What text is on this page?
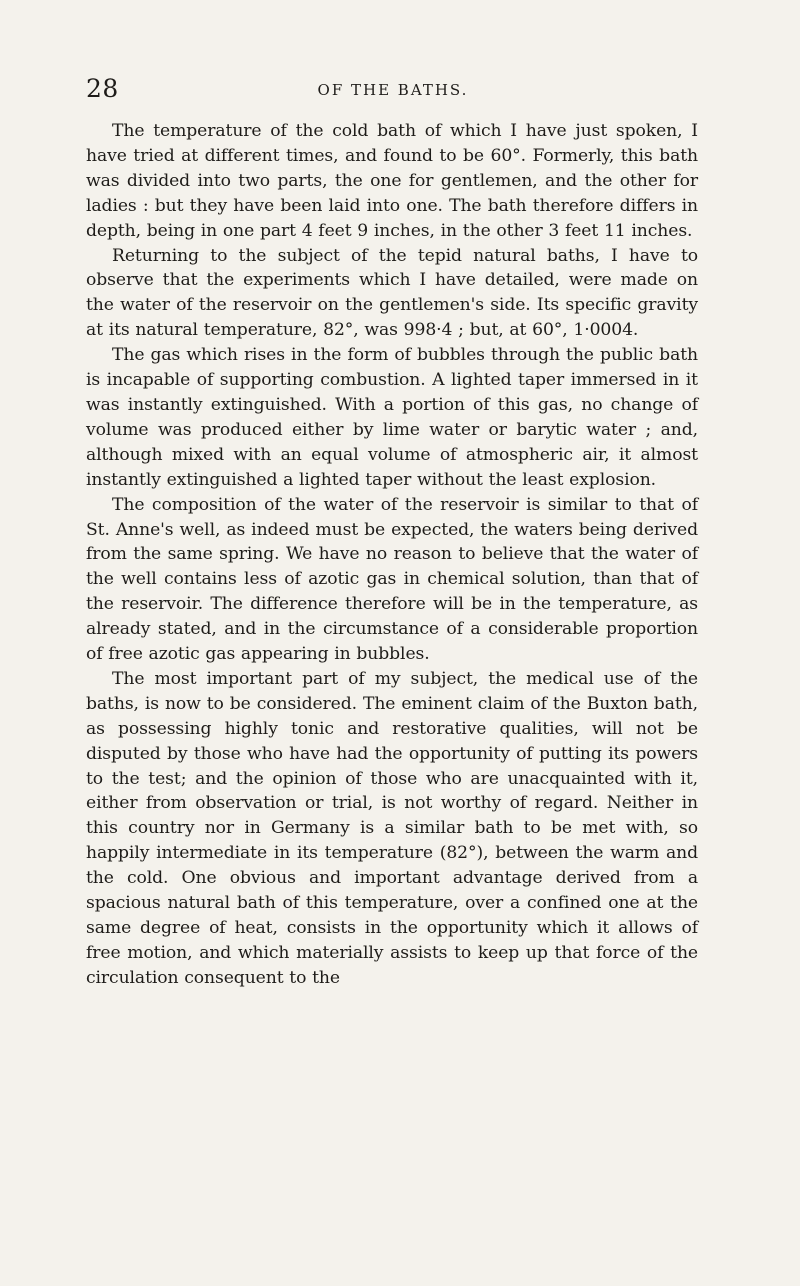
28	OF THE BATHS.

The temperature of the cold bath of which I have just spoken, I have tried at different times, and found to be 60°. Formerly, this bath was divided into two parts, the one for gentlemen, and the other for ladies : but they have been laid into one. The bath therefore differs in depth, being in one part 4 feet 9 inches, in the other 3 feet 11 inches.

Returning to the subject of the tepid natural baths, I have to observe that the experiments which I have detailed, were made on the water of the reservoir on the gentlemen's side. Its specific gravity at its natural temperature, 82°, was 998·4 ; but, at 60°, 1·0004.

The gas which rises in the form of bubbles through the public bath is incapable of supporting combustion. A lighted taper immersed in it was instantly extinguished. With a portion of this gas, no change of volume was produced either by lime water or barytic water ; and, although mixed with an equal volume of atmospheric air, it almost instantly extinguished a lighted taper without the least explosion.

The composition of the water of the reservoir is similar to that of St. Anne's well, as indeed must be expected, the waters being derived from the same spring. We have no reason to believe that the water of the well contains less of azotic gas in chemical solution, than that of the reservoir. The difference therefore will be in the temperature, as already stated, and in the circumstance of a considerable proportion of free azotic gas appearing in bubbles.

The most important part of my subject, the medical use of the baths, is now to be considered. The eminent claim of the Buxton bath, as possessing highly tonic and restorative qualities, will not be disputed by those who have had the opportunity of putting its powers to the test; and the opinion of those who are unacquainted with it, either from observation or trial, is not worthy of regard. Neither in this country nor in Germany is a similar bath to be met with, so happily intermediate in its temperature (82°), between the warm and the cold. One obvious and important advantage derived from a spacious natural bath of this temperature, over a confined one at the same degree of heat, consists in the opportunity which it allows of free motion, and which materially assists to keep up that force of the circulation consequent to the
